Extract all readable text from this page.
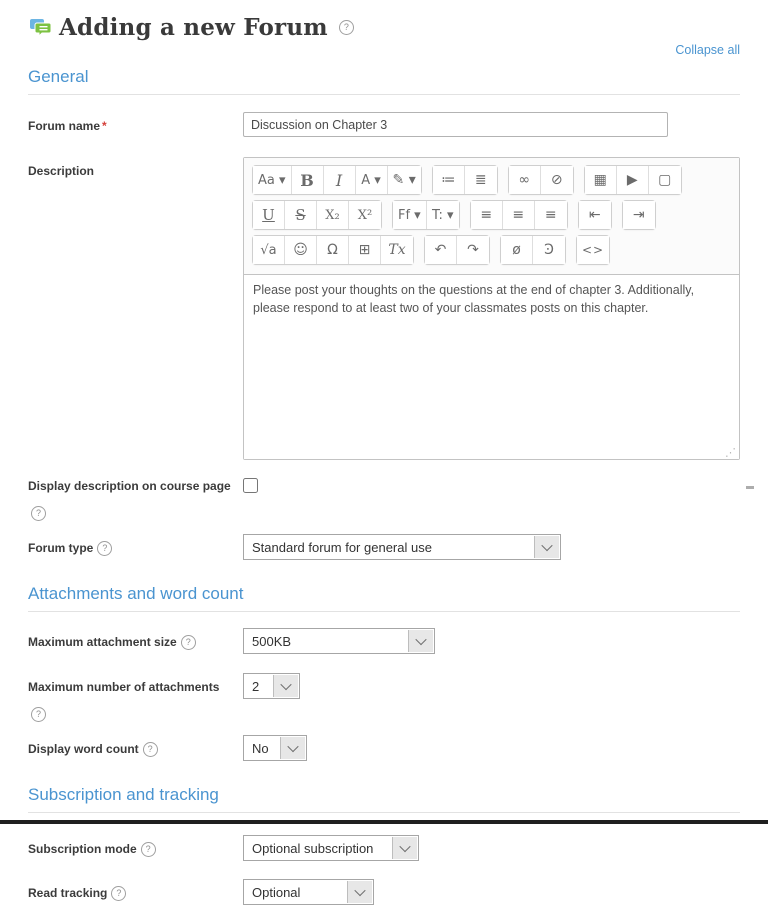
Adding a new Forum	?
Collapse all
General
Forum name *
Discussion on Chapter 3
Description
Aa ▾ B	I	A ▾ ✎ ▾	≔	≣	∞	⊘	▦	▶	▢
U	S	X₂	X²	Ff ▾ T: ▾	≡	≡	≡	⇤	⇥
√a	☺	Ω	⊞	Tx	↶	↷	ø	Ͽ	<>
Please post your thoughts on the questions at the end of chapter 3. Additionally, please respond to at least two of your classmates posts on this chapter.
⋰
Display description on course page
?
Forum type ?	Standard forum for general use
Attachments and word count
Maximum attachment size ?	500KB
Maximum number of attachments
?
2
Display word count ?	No
Subscription and tracking
Subscription mode ?	Optional subscription
Read tracking ?	Optional
